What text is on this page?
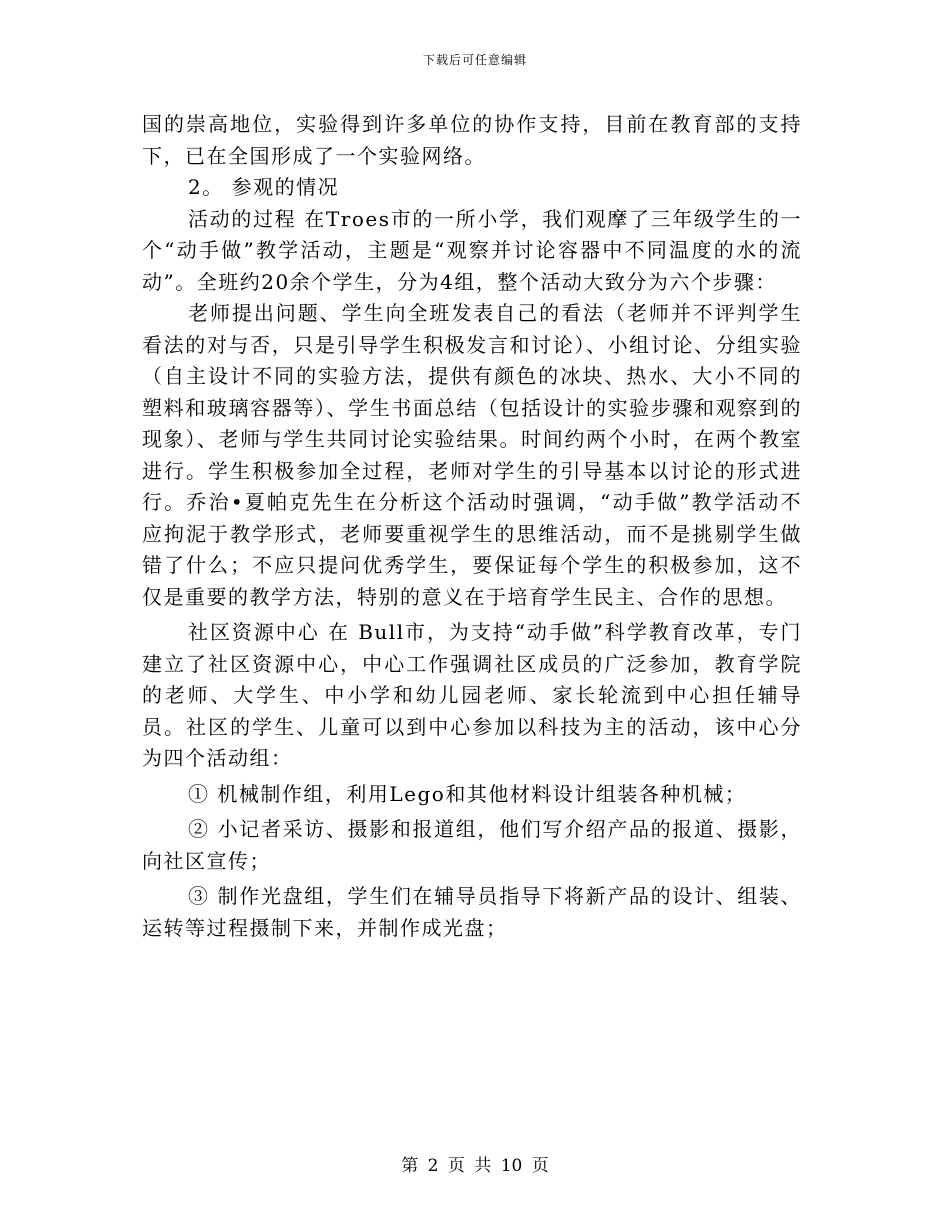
下载后可任意编辑

国的崇高地位，实验得到许多单位的协作支持，目前在教育部的支持下，已在全国形成了一个实验网络。

2。 参观的情况

活动的过程 在Troes市的一所小学，我们观摩了三年级学生的一个“动手做”教学活动，主题是“观察并讨论容器中不同温度的水的流动”。全班约20余个学生，分为4组，整个活动大致分为六个步骤：

老师提出问题、学生向全班发表自己的看法（老师并不评判学生看法的对与否，只是引导学生积极发言和讨论）、小组讨论、分组实验（自主设计不同的实验方法，提供有颜色的冰块、热水、大小不同的塑料和玻璃容器等）、学生书面总结（包括设计的实验步骤和观察到的现象）、老师与学生共同讨论实验结果。时间约两个小时，在两个教室进行。学生积极参加全过程，老师对学生的引导基本以讨论的形式进行。乔治•夏帕克先生在分析这个活动时强调，“动手做”教学活动不应拘泥于教学形式，老师要重视学生的思维活动，而不是挑剔学生做错了什么；不应只提问优秀学生，要保证每个学生的积极参加，这不仅是重要的教学方法，特别的意义在于培育学生民主、合作的思想。

社区资源中心 在 Bull市，为支持“动手做”科学教育改革，专门建立了社区资源中心，中心工作强调社区成员的广泛参加，教育学院的老师、大学生、中小学和幼儿园老师、家长轮流到中心担任辅导员。社区的学生、儿童可以到中心参加以科技为主的活动，该中心分为四个活动组：

① 机械制作组，利用Lego和其他材料设计组装各种机械；

② 小记者采访、摄影和报道组，他们写介绍产品的报道、摄影，向社区宣传；

③ 制作光盘组，学生们在辅导员指导下将新产品的设计、组装、运转等过程摄制下来，并制作成光盘；

第 2 页 共 10 页
